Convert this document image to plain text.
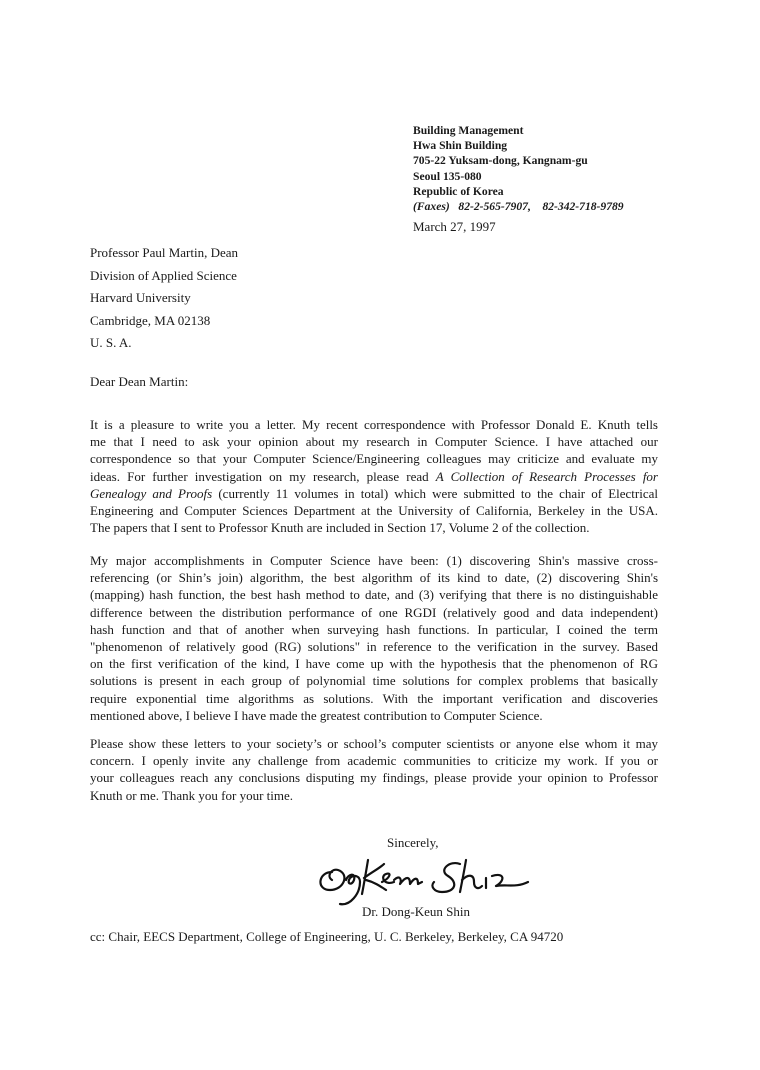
Building Management
Hwa Shin Building
705-22 Yuksam-dong, Kangnam-gu
Seoul 135-080
Republic of Korea
(Faxes)   82-2-565-7907,    82-342-718-9789
March 27, 1997
Professor Paul Martin, Dean
Division of Applied Science
Harvard University
Cambridge, MA 02138
U. S. A.
Dear Dean Martin:
It is a pleasure to write you a letter. My recent correspondence with Professor Donald E. Knuth tells
me that I need to ask your opinion about my research in Computer Science. I have attached our
correspondence so that your Computer Science/Engineering colleagues may criticize and evaluate my
ideas. For further investigation on my research, please read A Collection of Research Processes for
Genealogy and Proofs (currently 11 volumes in total) which were submitted to the chair of Electrical
Engineering and Computer Sciences Department at the University of California, Berkeley in the USA.
The papers that I sent to Professor Knuth are included in Section 17, Volume 2 of the collection.
My major accomplishments in Computer Science have been: (1) discovering Shin's massive cross-
referencing (or Shin’s join) algorithm, the best algorithm of its kind to date, (2) discovering Shin's
(mapping) hash function, the best hash method to date, and (3) verifying that there is no distinguishable
difference between the distribution performance of one RGDI (relatively good and data independent)
hash function and that of another when surveying hash functions. In particular, I coined the term
"phenomenon of relatively good (RG) solutions" in reference to the verification in the survey. Based
on the first verification of the kind, I have come up with the hypothesis that the phenomenon of RG
solutions is present in each group of polynomial time solutions for complex problems that basically
require exponential time algorithms as solutions. With the important verification and discoveries
mentioned above, I believe I have made the greatest contribution to Computer Science.
Please show these letters to your society’s or school’s computer scientists or anyone else whom it may
concern. I openly invite any challenge from academic communities to criticize my work. If you or
your colleagues reach any conclusions disputing my findings, please provide your opinion to Professor
Knuth or me. Thank you for your time.
Sincerely,
Dr. Dong-Keun Shin
cc: Chair, EECS Department, College of Engineering, U. C. Berkeley, Berkeley, CA 94720
